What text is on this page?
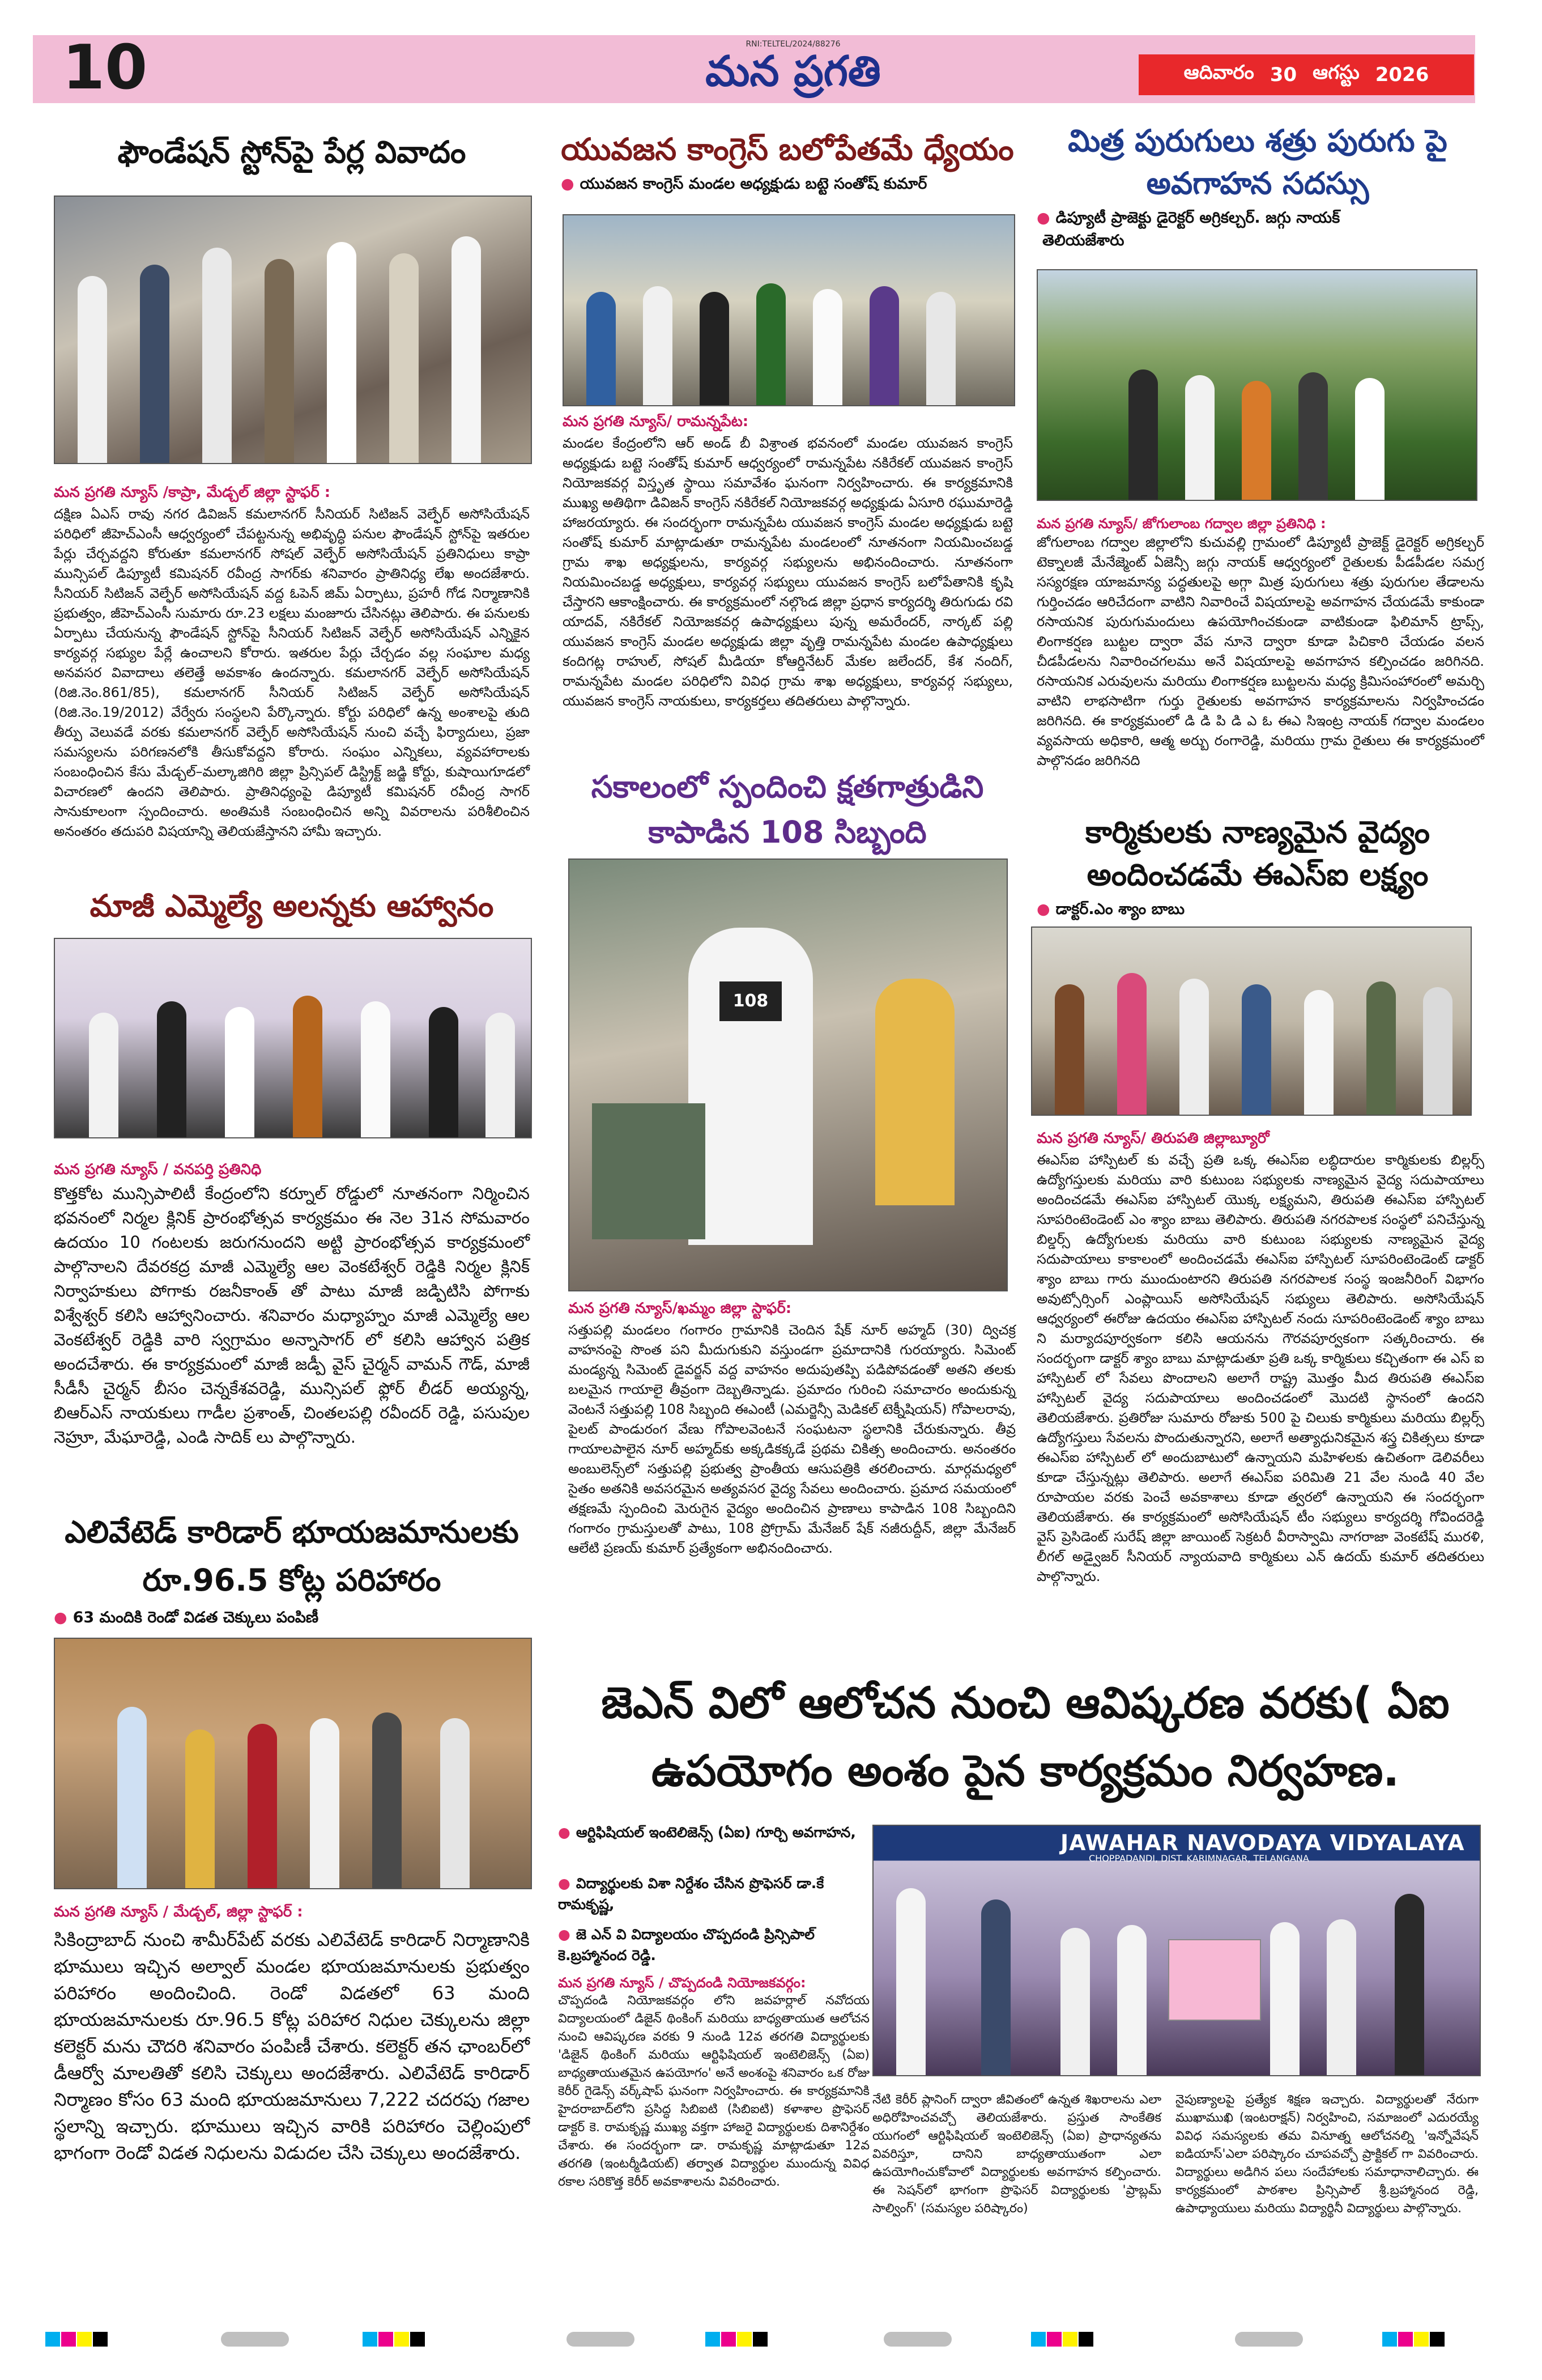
10	RNI:TELTEL/2024/88276
మన ప్రగతి	ఆదివారం 30 ఆగస్టు 2026
ఫౌండేషన్ స్టోన్‌పై పేర్ల వివాదం
మన ప్రగతి న్యూస్ /కాప్రా, మేడ్చల్ జిల్లా స్టాఫర్ :
దక్షిణ ఏఎస్ రావు నగర డివిజన్ కమలానగర్ సీనియర్ సిటిజన్ వెల్ఫేర్ అసోసియేషన్ పరిధిలో జీహెచ్‌ఎంసీ ఆధ్వర్యంలో చేపట్టనున్న అభివృద్ధి పనుల ఫౌండేషన్ స్టోన్‌పై ఇతరుల పేర్లు చేర్చవద్దని కోరుతూ కమలానగర్ సోషల్ వెల్ఫేర్ అసోసియేషన్ ప్రతినిధులు కాప్రా మున్సిపల్ డిప్యూటీ కమిషనర్ రవీంద్ర సాగర్‌కు శనివారం ప్రాతినిధ్య లేఖ అందజేశారు. సీనియర్ సిటిజన్ వెల్ఫేర్ అసోసియేషన్ వద్ద ఓపెన్ జిమ్ ఏర్పాటు, ప్రహరీ గోడ నిర్మాణానికి ప్రభుత్వం, జీహెచ్‌ఎంసీ సుమారు రూ.23 లక్షలు మంజూరు చేసినట్లు తెలిపారు. ఈ పనులకు ఏర్పాటు చేయనున్న ఫౌండేషన్ స్టోన్‌పై సీనియర్ సిటిజన్ వెల్ఫేర్ అసోసియేషన్ ఎన్నికైన కార్యవర్గ సభ్యుల పేర్లే ఉంచాలని కోరారు. ఇతరుల పేర్లు చేర్చడం వల్ల సంఘాల మధ్య అనవసర వివాదాలు తలెత్తే అవకాశం ఉందన్నారు. కమలానగర్ వెల్ఫేర్ అసోసియేషన్ (రిజి.నెం.861/85), కమలానగర్ సీనియర్ సిటిజన్ వెల్ఫేర్ అసోసియేషన్ (రిజి.నెం.19/2012) వేర్వేరు సంస్థలని పేర్కొన్నారు. కోర్టు పరిధిలో ఉన్న అంశాలపై తుది తీర్పు వెలువడే వరకు కమలానగర్ వెల్ఫేర్ అసోసియేషన్ నుంచి వచ్చే ఫిర్యాదులు, ప్రజా సమస్యలను పరిగణనలోకి తీసుకోవద్దని కోరారు. సంఘం ఎన్నికలు, వ్యవహారాలకు సంబంధించిన కేసు మేడ్చల్–మల్కాజిగిరి జిల్లా ప్రిన్సిపల్ డిస్ట్రిక్ట్ జడ్జి కోర్టు, కుషాయిగూడలో విచారణలో ఉందని తెలిపారు. ప్రాతినిధ్యంపై డిప్యూటీ కమిషనర్ రవీంద్ర సాగర్ సానుకూలంగా స్పందించారు. అంతిమకి సంబంధించిన అన్ని వివరాలను పరిశీలించిన అనంతరం తదుపరి విషయాన్ని తెలియజేస్తానని హామీ ఇచ్చారు.
మాజీ ఎమ్మెల్యే అలన్నకు ఆహ్వానం
మన ప్రగతి న్యూస్ / వనపర్తి ప్రతినిధి
కొత్తకోట మున్సిపాలిటీ కేంద్రంలోని కర్నూల్ రోడ్డులో నూతనంగా నిర్మించిన భవనంలో నిర్మల క్లినిక్ ప్రారంభోత్సవ కార్యక్రమం ఈ నెల 31న సోమవారం ఉదయం 10 గంటలకు జరుగనుందని అట్టి ప్రారంభోత్సవ కార్యక్రమంలో పాల్గొనాలని దేవరకద్ర మాజీ ఎమ్మెల్యే ఆల వెంకటేశ్వర్ రెడ్డికి నిర్మల క్లినిక్ నిర్వాహకులు పోగాకు రజనీకాంత్ తో పాటు మాజీ జడ్పిటిసి పోగాకు విశ్వేశ్వర్ కలిసి ఆహ్వానించారు. శనివారం మధ్యాహ్నం మాజీ ఎమ్మెల్యే ఆల వెంకటేశ్వర్ రెడ్డికి వారి స్వగ్రామం అన్నాసాగర్ లో కలిసి ఆహ్వాన పత్రిక అందచేశారు. ఈ కార్యక్రమంలో మాజీ జడ్పీ వైస్ చైర్మన్ వామన్ గౌడ్, మాజీ సీడీసీ చైర్మన్ బీసం చెన్నకేశవరెడ్డి, మున్సిపల్ ఫ్లోర్ లీడర్ అయ్యన్న, బిఆర్ఎస్ నాయకులు గాడీల ప్రశాంత్, చింతలపల్లి రవీందర్ రెడ్డి, పసుపుల నెహ్రూ, మేఘారెడ్డి, ఎండి సాదిక్ లు పాల్గొన్నారు.
ఎలివేటెడ్ కారిడార్ భూయజమానులకు
రూ.96.5 కోట్ల పరిహారం
● 63 మందికి రెండో విడత చెక్కులు పంపిణీ
మన ప్రగతి న్యూస్ / మేడ్చల్, జిల్లా స్టాఫర్ :
సికింద్రాబాద్ నుంచి శామీర్‌పేట్ వరకు ఎలివేటెడ్ కారిడార్ నిర్మాణానికి భూములు ఇచ్చిన అల్వాల్ మండల భూయజమానులకు ప్రభుత్వం పరిహారం అందించింది. రెండో విడతలో 63 మంది భూయజమానులకు రూ.96.5 కోట్ల పరిహార నిధుల చెక్కులను జిల్లా కలెక్టర్ మను చౌదరి శనివారం పంపిణీ చేశారు. కలెక్టర్ తన ఛాంబర్‌లో డీఆర్వో మాలతితో కలిసి చెక్కులు అందజేశారు. ఎలివేటెడ్ కారిడార్ నిర్మాణం కోసం 63 మంది భూయజమానులు 7,222 చదరపు గజాల స్థలాన్ని ఇచ్చారు. భూములు ఇచ్చిన వారికి పరిహారం చెల్లింపులో భాగంగా రెండో విడత నిధులను విడుదల చేసి చెక్కులు అందజేశారు.
యువజన కాంగ్రెస్ బలోపేతమే ధ్యేయం
● యువజన కాంగ్రెస్ మండల అధ్యక్షుడు బట్టె సంతోష్ కుమార్
మన ప్రగతి న్యూస్/ రామన్నపేట:
మండల కేంద్రంలోని ఆర్ అండ్ బీ విశ్రాంత భవనంలో మండల యువజన కాంగ్రెస్ అధ్యక్షుడు బట్టె సంతోష్ కుమార్ ఆధ్వర్యంలో రామన్నపేట నకిరేకల్ యువజన కాంగ్రెస్ నియోజకవర్గ విస్తృత స్థాయి సమావేశం ఘనంగా నిర్వహించారు. ఈ కార్యక్రమానికి ముఖ్య అతిథిగా డివిజన్ కాంగ్రెస్ నకిరేకల్ నియోజకవర్గ అధ్యక్షుడు ఏసూరి రఘుమారెడ్డి హాజరయ్యారు. ఈ సందర్భంగా రామన్నపేట యువజన కాంగ్రెస్ మండల అధ్యక్షుడు బట్టె సంతోష్ కుమార్ మాట్లాడుతూ రామన్నపేట మండలంలో నూతనంగా నియమించబడ్డ గ్రామ శాఖ అధ్యక్షులను, కార్యవర్గ సభ్యులను అభినందించారు. నూతనంగా నియమించబడ్డ అధ్యక్షులు, కార్యవర్గ సభ్యులు యువజన కాంగ్రెస్ బలోపేతానికి కృషి చేస్తారని ఆకాంక్షించారు. ఈ కార్యక్రమంలో నల్గొండ జిల్లా ప్రధాన కార్యదర్శి తిరుగుడు రవి యాదవ్, నకిరేకల్ నియోజకవర్గ ఉపాధ్యక్షులు పున్న అమరేందర్, నార్కట్ పల్లి యువజన కాంగ్రెస్ మండల అధ్యక్షుడు జిల్లా వృత్తి రామన్నపేట మండల ఉపాధ్యక్షులు కందిగట్ల రాహుల్, సోషల్ మీడియా కోఆర్డినేటర్ మేకల జలేందర్, కేశ నందిగ్, రామన్నపేట మండల పరిధిలోని వివిధ గ్రామ శాఖ అధ్యక్షులు, కార్యవర్గ సభ్యులు, యువజన కాంగ్రెస్ నాయకులు, కార్యకర్తలు తదితరులు పాల్గొన్నారు.
సకాలంలో స్పందించి క్షతగాత్రుడిని
కాపాడిన 108 సిబ్బంది
108
మన ప్రగతి న్యూస్/ఖమ్మం జిల్లా స్టాఫర్:
సత్తుపల్లి మండలం గంగారం గ్రామానికి చెందిన షేక్ నూర్ అహ్మద్ (30) ద్విచక్ర వాహనంపై సొంత పని మీదుగుకుని వస్తుండగా ప్రమాదానికి గురయ్యారు. సిమెంట్ మండ్యన్న సిమెంట్ డైవర్జన్‌ వద్ద వాహనం అదుపుతప్పి పడిపోవడంతో అతని తలకు బలమైన గాయాలై తీవ్రంగా దెబ్బతిన్నాడు. ప్రమాదం గురించి సమాచారం అందుకున్న వెంటనే సత్తుపల్లి 108 సిబ్బంది ఈఎంటీ (ఎమర్జెన్సీ మెడికల్ టెక్నీషియన్) గోపాలరావు, పైలట్ పాండురంగ వేణు గోపాలవెంటనే సంఘటనా స్థలానికి చేరుకున్నారు. తీవ్ర గాయాలపాలైన నూర్ అహ్మద్‌కు అక్కడికక్కడే ప్రథమ చికిత్స అందించారు. అనంతరం అంబులెన్స్‌లో సత్తుపల్లి ప్రభుత్వ ప్రాంతీయ ఆసుపత్రికి తరలించారు. మార్గమధ్యలో సైతం అతనికి అవసరమైన అత్యవసర వైద్య సేవలు అందించారు. ప్రమాద సమయంలో తక్షణమే స్పందించి మెరుగైన వైద్యం అందించిన ప్రాణాలు కాపాడిన 108 సిబ్బందిని గంగారం గ్రామస్తులతో పాటు, 108 ప్రోగ్రామ్ మేనేజర్ షేక్ నజీరుద్దీన్, జిల్లా మేనేజర్ ఆలేటి ప్రణయ్ కుమార్ ప్రత్యేకంగా అభినందించారు.
మిత్ర పురుగులు శత్రు పురుగు పై
అవగాహన సదస్సు
● డిప్యూటీ ప్రాజెక్టు డైరెక్టర్ అగ్రికల్చర్. జగ్గు నాయక్
తెలియజేశారు
మన ప్రగతి న్యూస్/ జోగులాంబ గద్వాల జిల్లా ప్రతినిధి :
జోగులాంబ గద్వాల జిల్లాలోని కుచువల్లి గ్రామంలో డిప్యూటీ ప్రాజెక్ట్ డైరెక్టర్ అగ్రికల్చర్ టెక్నాలజీ మేనేజ్మెంట్ ఏజెన్సీ జగ్గు నాయక్ ఆధ్వర్యంలో రైతులకు పీడపీడల సమగ్ర సస్యరక్షణ యాజమాన్య పద్ధతులపై అగ్గా మిత్ర పురుగులు శత్రు పురుగుల తేడాలను గుర్తించడం ఆరిచేదంగా వాటిని నివారించే విషయాలపై అవగాహన చేయడమే కాకుండా రసాయనిక పురుగుమందులు ఉపయోగించకుండా వాటికుండా ఫిలిమాన్ ట్రాప్స్, లింగాకర్షణ బుట్టల ద్వారా వేప నూనె ద్వారా కూడా పిచికారి చేయడం వలన చీడపీడలను నివారించగలము అనే విషయాలపై అవగాహన కల్పించడం జరిగినది. రసాయనిక ఎరువులను మరియు లింగాకర్షణ బుట్టలను మధ్య క్రిమిసంహారంలో అమర్చి వాటిని లాభసాటిగా గుర్తు రైతులకు అవగాహన కార్యక్రమాలను నిర్వహించడం జరిగినది. ఈ కార్యక్రమంలో డి డి పి డి ఎ ఓ ఈఎ సిఇంట్ర నాయక్ గద్వాల మండలం వ్యవసాయ అధికారి, ఆత్మ అర్బు రంగారెడ్డి, మరియు గ్రామ రైతులు ఈ కార్యక్రమంలో పాల్గొనడం జరిగినది
కార్మికులకు నాణ్యమైన వైద్యం
అందించడమే ఈఎస్ఐ లక్ష్యం
● డాక్టర్.ఎం శ్యాం బాబు
మన ప్రగతి న్యూస్/ తిరుపతి జిల్లాబ్యూరో
ఈఎస్ఐ హాస్పిటల్ కు వచ్చే ప్రతి ఒక్క ఈఎస్ఐ లబ్ధిదారుల కార్మికులకు బిల్లర్స్ ఉద్యోగస్తులకు మరియు వారి కుటుంబ సభ్యులకు నాణ్యమైన వైద్య సదుపాయాలు అందించడమే ఈఎస్ఐ హాస్పిటల్ యొక్క లక్ష్యమని, తిరుపతి ఈఎస్ఐ హాస్పిటల్ సూపరింటెండెంట్ ఎం శ్యాం బాబు తెలిపారు. తిరుపతి నగరపాలక సంస్థలో పనిచేస్తున్న బిల్డర్స్ ఉద్యోగులకు మరియు వారి కుటుంబ సభ్యులకు నాణ్యమైన వైద్య సదుపాయాలు కాకాలంలో అందించడమే ఈఎస్ఐ హాస్పిటల్ సూపరింటెండెంట్ డాక్టర్ శ్యాం బాబు గారు ముందుంటారని తిరుపతి నగరపాలక సంస్థ ఇంజనీరింగ్ విభాగం అవుట్సోర్సింగ్ ఎంప్లాయిస్ అసోసియేషన్ సభ్యులు తెలిపారు. అసోసియేషన్ ఆధ్వర్యంలో ఈరోజు ఉదయం ఈఎస్ఐ హాస్పిటల్ నందు సూపరింటెండెంట్ శ్యాం బాబు ని మర్యాదపూర్వకంగా కలిసి ఆయనను గౌరవపూర్వకంగా సత్కరించారు. ఈ సందర్భంగా డాక్టర్ శ్యాం బాబు మాట్లాడుతూ ప్రతి ఒక్క కార్మికులు కచ్చితంగా ఈ ఎస్ ఐ హాస్పిటల్ లో సేవలు పొందాలని అలాగే రాష్ట్ర మొత్తం మీద తిరుపతి ఈఎస్ఐ హాస్పిటల్ వైద్య సదుపాయాలు అందించడంలో మొదటి స్థానంలో ఉందని తెలియజేశారు. ప్రతిరోజు సుమారు రోజుకు 500 పై చిలుకు కార్మికులు మరియు బిల్లర్స్ ఉద్యోగస్తులు సేవలను పొందుతున్నారని, అలాగే అత్యాధునికమైన శస్త్ర చికిత్సలు కూడా ఈఎస్ఐ హాస్పిటల్ లో అందుబాటులో ఉన్నాయని మహిళలకు ఉచితంగా డెలివరీలు కూడా చేస్తున్నట్లు తెలిపారు. అలాగే ఈఎస్ఐ పరిమితి 21 వేల నుండి 40 వేల రూపాయల వరకు పెంచే అవకాశాలు కూడా త్వరలో ఉన్నాయని ఈ సందర్భంగా తెలియజేశారు. ఈ కార్యక్రమంలో అసోసియేషన్ టీం సభ్యులు కార్యదర్శి గోవిందరెడ్డి వైస్ ప్రెసిడెంట్ సురేష్ జిల్లా జాయింట్ సెక్రటరీ వీరాస్వామి నాగరాజా వెంకటేష్ మురళి, లీగల్ అడ్వైజర్ సీనియర్ న్యాయవాది కార్మికులు ఎన్ ఉదయ్ కుమార్ తదితరులు పాల్గొన్నారు.
జెఎన్ విలో ఆలోచన నుంచి ఆవిష్కరణ వరకు( ఏఐ
ఉపయోగం అంశం పైన కార్యక్రమం నిర్వహణ.
● ఆర్టిఫిషియల్ ఇంటెలిజెన్స్ (ఏఐ) గూర్చి అవగాహన,
● విద్యార్థులకు విశా నిర్దేశం చేసిన ప్రొఫెసర్ డా.కే రామకృష్ణ,
● జె ఎన్ వి విద్యాలయం చొప్పదండి ప్రిన్సిపాల్ కె.బ్రహ్మానంద రెడ్డి.
మన ప్రగతి న్యూస్ / చొప్పదండి నియోజకవర్గం:
చొప్పదండి నియోజకవర్గం లోని జవహర్లాల్ నవోదయ విద్యాలయంలో డిజైన్ థింకింగ్ మరియు బాధ్యతాయుత ఆలోచన నుంచి ఆవిష్కరణ వరకు 9 నుండి 12వ తరగతి విద్యార్థులకు 'డిజైన్ థింకింగ్ మరియు ఆర్టిఫిషియల్ ఇంటెలిజెన్స్ (ఏఐ) బాధ్యతాయుతమైన ఉపయోగం' అనే అంశంపై శనివారం ఒక రోజు కెరీర్ గైడెన్స్ వర్క్‌షాప్ ఘనంగా నిర్వహించారు. ఈ కార్యక్రమానికి హైదరాబాద్‌లోని ప్రసిద్ధ సిబిఐటి (సిబిఐటి) కళాశాల ప్రొఫెసర్ డాక్టర్ కె. రామకృష్ణ ముఖ్య వక్తగా హాజరై విద్యార్థులకు దిశానిర్దేశం చేశారు. ఈ సందర్భంగా డా. రామకృష్ణ మాట్లాడుతూ 12వ తరగతి (ఇంటర్మీడియట్) తర్వాత విద్యార్థుల ముందున్న వివిధ రకాల సరికొత్త కెరీర్ అవకాశాలను వివరించారు.
JAWAHAR NAVODAYA VIDYALAYA
CHOPPADANDI, DIST. KARIMNAGAR, TELANGANA
నేటి కెరీర్ ప్లానింగ్ ద్వారా జీవితంలో ఉన్నత శిఖరాలను ఎలా అధిరోహించవచ్చో తెలియజేశారు. ప్రస్తుత సాంకేతిక యుగంలో ఆర్టిఫిషియల్ ఇంటెలిజెన్స్ (ఏఐ) ప్రాధాన్యతను వివరిస్తూ, దానిని బాధ్యతాయుతంగా ఎలా ఉపయోగించుకోవాలో విద్యార్థులకు అవగాహన కల్పించారు. ఈ సెషన్‌లో భాగంగా ప్రొఫెసర్ విద్యార్థులకు 'ప్రాబ్లమ్ సాల్వింగ్' (సమస్యల పరిష్కారం)
నైపుణ్యాలపై ప్రత్యేక శిక్షణ ఇచ్చారు. విద్యార్థులతో నేరుగా ముఖాముఖి (ఇంటరాక్షన్) నిర్వహించి, సమాజంలో ఎదురయ్యే వివిధ సమస్యలకు తమ వినూత్న ఆలోచనల్ని 'ఇన్నోవేషన్ ఐడియాస్'ఎలా పరిష్కారం చూపవచ్చో ప్రాక్టికల్ గా వివరించారు. విద్యార్థులు అడిగిన పలు సందేహాలకు సమాధానాలిచ్చారు. ఈ కార్యక్రమంలో పాఠశాల ప్రిన్సిపాల్ శ్రీ.బ్రహ్మానంద రెడ్డి, ఉపాధ్యాయులు మరియు విద్యార్థినీ విద్యార్థులు పాల్గొన్నారు.
